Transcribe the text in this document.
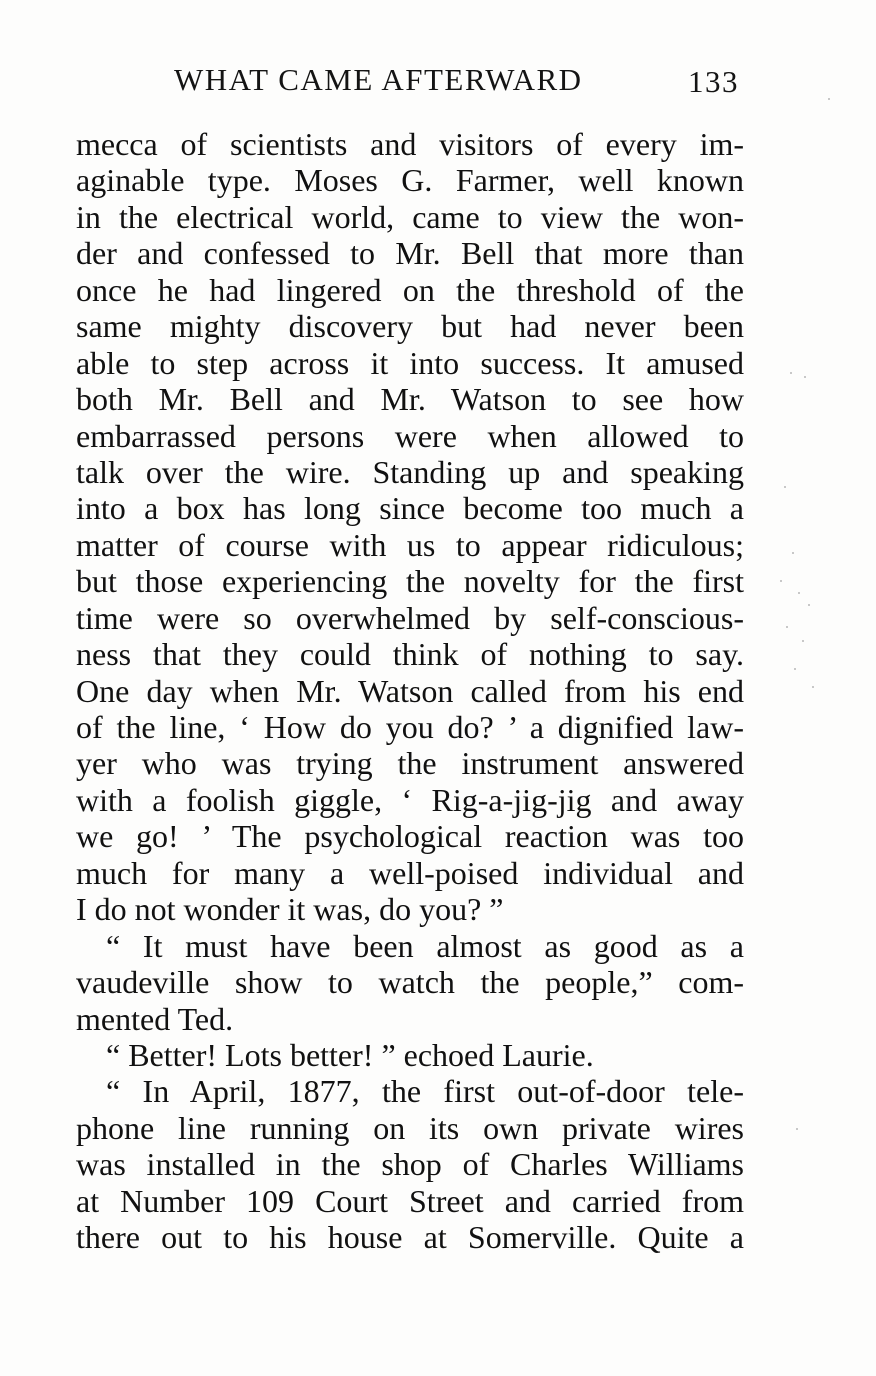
WHAT CAME AFTERWARD	133
mecca of scientists and visitors of every im-
aginable type. Moses G. Farmer, well known
in the electrical world, came to view the won-
der and confessed to Mr. Bell that more than
once he had lingered on the threshold of the
same mighty discovery but had never been
able to step across it into success. It amused
both Mr. Bell and Mr. Watson to see how
embarrassed persons were when allowed to
talk over the wire. Standing up and speaking
into a box has long since become too much a
matter of course with us to appear ridiculous;
but those experiencing the novelty for the first
time were so overwhelmed by self-conscious-
ness that they could think of nothing to say.
One day when Mr. Watson called from his end
of the line, ‘ How do you do? ’ a dignified law-
yer who was trying the instrument answered
with a foolish giggle, ‘ Rig-a-jig-jig and away
we go! ’ The psychological reaction was too
much for many a well-poised individual and
I do not wonder it was, do you? ”
“ It must have been almost as good as a
vaudeville show to watch the people,” com-
mented Ted.
“ Better! Lots better! ” echoed Laurie.
“ In April, 1877, the first out-of-door tele-
phone line running on its own private wires
was installed in the shop of Charles Williams
at Number 109 Court Street and carried from
there out to his house at Somerville. Quite a
